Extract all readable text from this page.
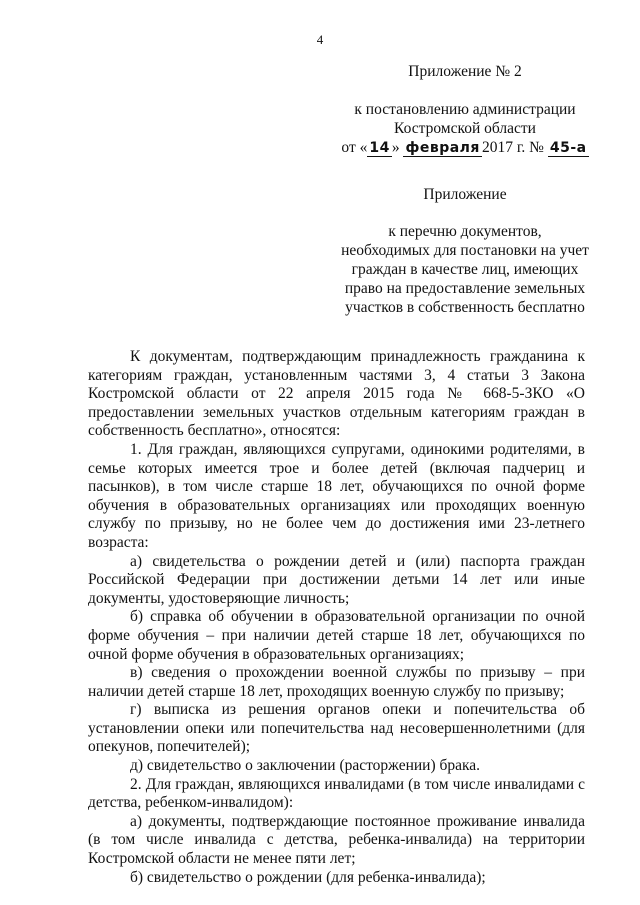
4
Приложение № 2
к постановлению администрации
Костромской области
от « 14 » февраля 2017 г. № 45-а
Приложение
к перечню документов,
необходимых для постановки на учет
граждан в качестве лиц, имеющих
право на предоставление земельных
участков в собственность бесплатно

К документам, подтверждающим принадлежность гражданина к категориям граждан, установленным частями 3, 4 статьи 3 Закона Костромской области от 22 апреля 2015 года № 668-5-ЗКО «О предоставлении земельных участков отдельным категориям граждан в собственность бесплатно», относятся:

1. Для граждан, являющихся супругами, одинокими родителями, в семье которых имеется трое и более детей (включая падчериц и пасынков), в том числе старше 18 лет, обучающихся по очной форме обучения в образовательных организациях или проходящих военную службу по призыву, но не более чем до достижения ими 23-летнего возраста:

а) свидетельства о рождении детей и (или) паспорта граждан Российской Федерации при достижении детьми 14 лет или иные документы, удостоверяющие личность;

б) справка об обучении в образовательной организации по очной форме обучения – при наличии детей старше 18 лет, обучающихся по очной форме обучения в образовательных организациях;

в) сведения о прохождении военной службы по призыву – при наличии детей старше 18 лет, проходящих военную службу по призыву;

г) выписка из решения органов опеки и попечительства об установлении опеки или попечительства над несовершеннолетними (для опекунов, попечителей);

д) свидетельство о заключении (расторжении) брака.

2. Для граждан, являющихся инвалидами (в том числе инвалидами с детства, ребенком-инвалидом):

а) документы, подтверждающие постоянное проживание инвалида (в том числе инвалида с детства, ребенка-инвалида) на территории Костромской области не менее пяти лет;

б) свидетельство о рождении (для ребенка-инвалида);
